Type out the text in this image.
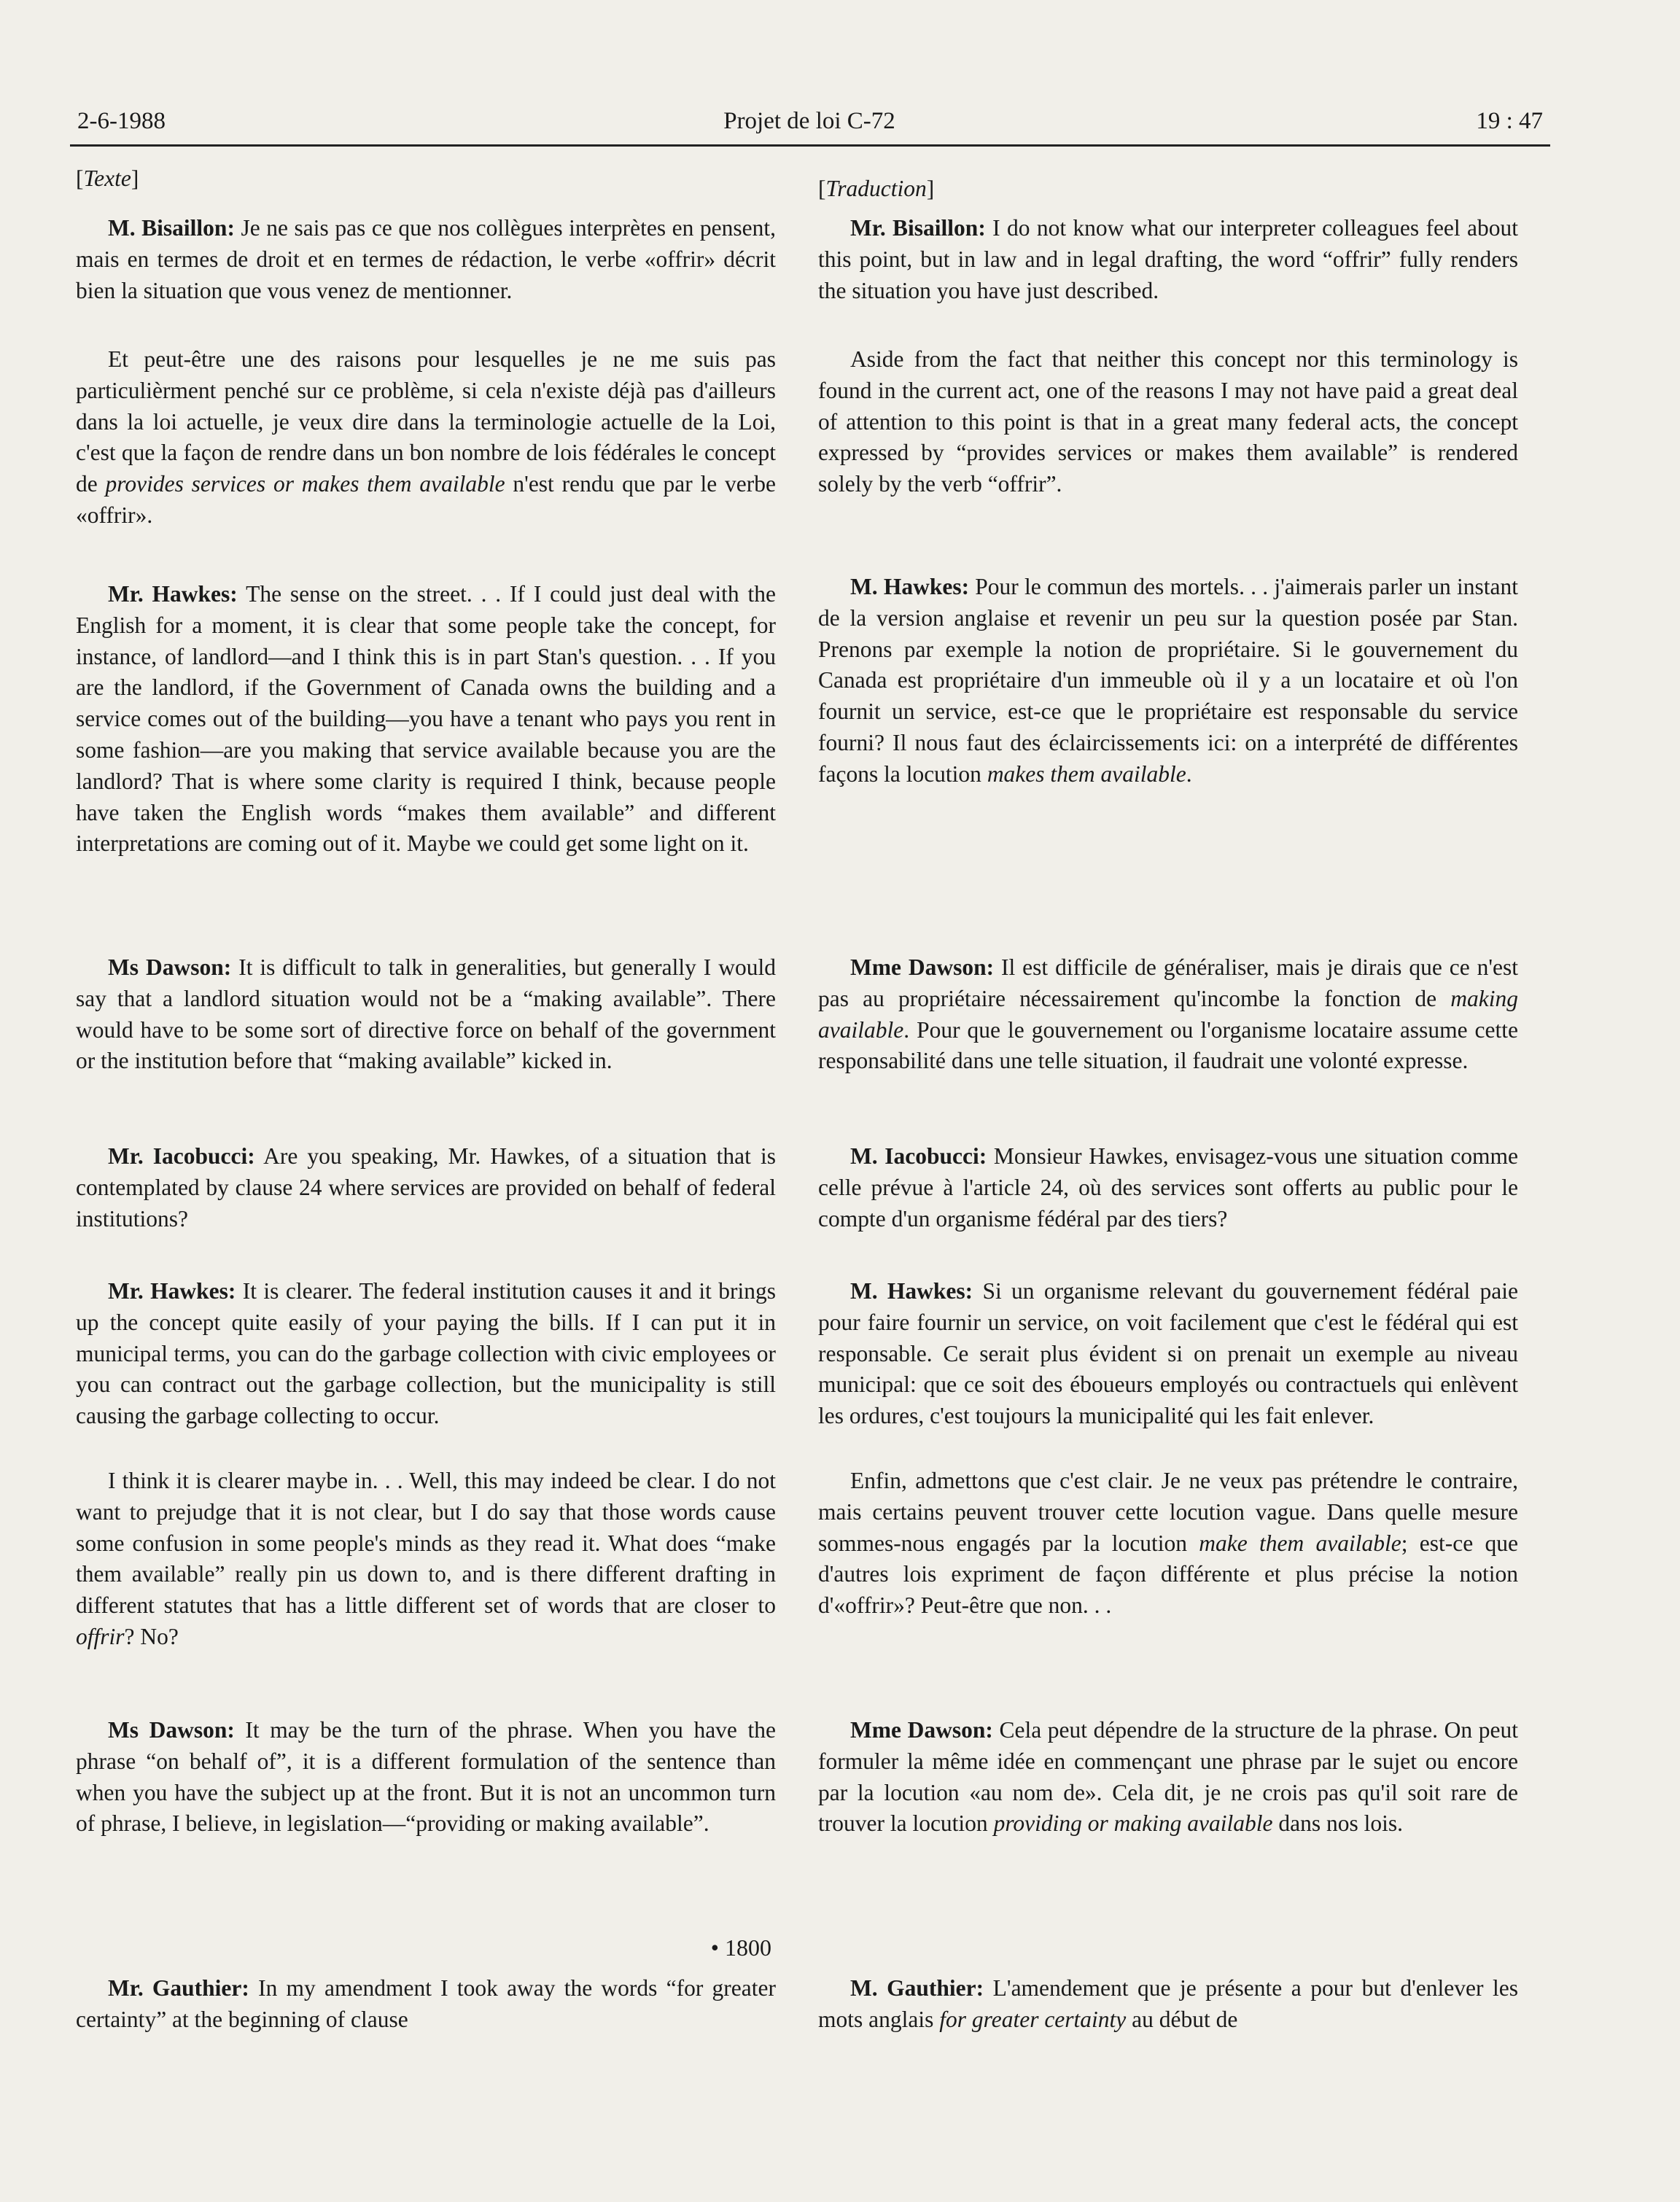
2-6-1988	Projet de loi C-72	19 : 47
[Texte]

M. Bisaillon: Je ne sais pas ce que nos collègues interprètes en pensent, mais en termes de droit et en termes de rédaction, le verbe «offrir» décrit bien la situation que vous venez de mentionner.

Et peut-être une des raisons pour lesquelles je ne me suis pas particulièrment penché sur ce problème, si cela n'existe déjà pas d'ailleurs dans la loi actuelle, je veux dire dans la terminologie actuelle de la Loi, c'est que la façon de rendre dans un bon nombre de lois fédérales le concept de provides services or makes them available n'est rendu que par le verbe «offrir».

Mr. Hawkes: The sense on the street. . . If I could just deal with the English for a moment, it is clear that some people take the concept, for instance, of landlord—and I think this is in part Stan's question. . . If you are the landlord, if the Government of Canada owns the building and a service comes out of the building—you have a tenant who pays you rent in some fashion—are you making that service available because you are the landlord? That is where some clarity is required I think, because people have taken the English words “makes them available” and different interpretations are coming out of it. Maybe we could get some light on it.

Ms Dawson: It is difficult to talk in generalities, but generally I would say that a landlord situation would not be a “making available”. There would have to be some sort of directive force on behalf of the government or the institution before that “making available” kicked in.

Mr. Iacobucci: Are you speaking, Mr. Hawkes, of a situation that is contemplated by clause 24 where services are provided on behalf of federal institutions?

Mr. Hawkes: It is clearer. The federal institution causes it and it brings up the concept quite easily of your paying the bills. If I can put it in municipal terms, you can do the garbage collection with civic employees or you can contract out the garbage collection, but the municipality is still causing the garbage collecting to occur.

I think it is clearer maybe in. . . Well, this may indeed be clear. I do not want to prejudge that it is not clear, but I do say that those words cause some confusion in some people's minds as they read it. What does “make them available” really pin us down to, and is there different drafting in different statutes that has a little different set of words that are closer to offrir? No?

Ms Dawson: It may be the turn of the phrase. When you have the phrase “on behalf of”, it is a different formulation of the sentence than when you have the subject up at the front. But it is not an uncommon turn of phrase, I believe, in legislation—“providing or making available”.

Mr. Gauthier: In my amendment I took away the words “for greater certainty” at the beginning of clause

• 1800
[Traduction]

Mr. Bisaillon: I do not know what our interpreter colleagues feel about this point, but in law and in legal drafting, the word “offrir” fully renders the situation you have just described.

Aside from the fact that neither this concept nor this terminology is found in the current act, one of the reasons I may not have paid a great deal of attention to this point is that in a great many federal acts, the concept expressed by “provides services or makes them available” is rendered solely by the verb “offrir”.

M. Hawkes: Pour le commun des mortels. . . j'aimerais parler un instant de la version anglaise et revenir un peu sur la question posée par Stan. Prenons par exemple la notion de propriétaire. Si le gouvernement du Canada est propriétaire d'un immeuble où il y a un locataire et où l'on fournit un service, est-ce que le propriétaire est responsable du service fourni? Il nous faut des éclaircissements ici: on a interprété de différentes façons la locution makes them available.

Mme Dawson: Il est difficile de généraliser, mais je dirais que ce n'est pas au propriétaire nécessairement qu'incombe la fonction de making available. Pour que le gouvernement ou l'organisme locataire assume cette responsabilité dans une telle situation, il faudrait une volonté expresse.

M. Iacobucci: Monsieur Hawkes, envisagez-vous une situation comme celle prévue à l'article 24, où des services sont offerts au public pour le compte d'un organisme fédéral par des tiers?

M. Hawkes: Si un organisme relevant du gouvernement fédéral paie pour faire fournir un service, on voit facilement que c'est le fédéral qui est responsable. Ce serait plus évident si on prenait un exemple au niveau municipal: que ce soit des éboueurs employés ou contractuels qui enlèvent les ordures, c'est toujours la municipalité qui les fait enlever.

Enfin, admettons que c'est clair. Je ne veux pas prétendre le contraire, mais certains peuvent trouver cette locution vague. Dans quelle mesure sommes-nous engagés par la locution make them available; est-ce que d'autres lois expriment de façon différente et plus précise la notion d'«offrir»? Peut-être que non. . .

Mme Dawson: Cela peut dépendre de la structure de la phrase. On peut formuler la même idée en commençant une phrase par le sujet ou encore par la locution «au nom de». Cela dit, je ne crois pas qu'il soit rare de trouver la locution providing or making available dans nos lois.

M. Gauthier: L'amendement que je présente a pour but d'enlever les mots anglais for greater certainty au début de
